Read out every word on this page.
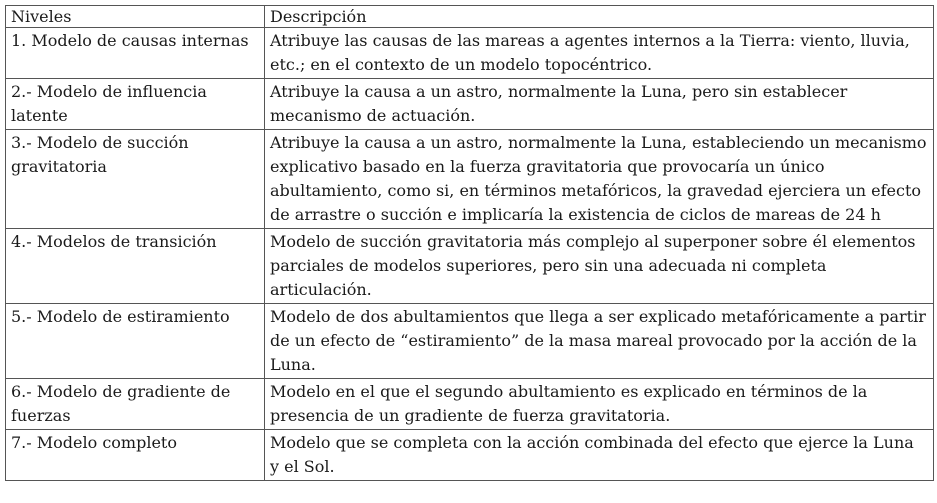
Niveles	Descripción
1. Modelo de causas internas	Atribuye las causas de las mareas a agentes internos a la Tierra: viento, lluvia, etc.; en el contexto de un modelo topocéntrico.
2.- Modelo de influencia latente	Atribuye la causa a un astro, normalmente la Luna, pero sin establecer mecanismo de actuación.
3.- Modelo de succión gravitatoria	Atribuye la causa a un astro, normalmente la Luna, estableciendo un mecanismo explicativo basado en la fuerza gravitatoria que provocaría un único abultamiento, como si, en términos metafóricos, la gravedad ejerciera un efecto de arrastre o succión e implicaría la existencia de ciclos de mareas de 24 h
4.- Modelos de transición	Modelo de succión gravitatoria más complejo al superponer sobre él elementos parciales de modelos superiores, pero sin una adecuada ni completa articulación.
5.- Modelo de estiramiento	Modelo de dos abultamientos que llega a ser explicado metafóricamente a partir de un efecto de “estiramiento” de la masa mareal provocado por la acción de la Luna.
6.- Modelo de gradiente de fuerzas	Modelo en el que el segundo abultamiento es explicado en términos de la presencia de un gradiente de fuerza gravitatoria.
7.- Modelo completo	Modelo que se completa con la acción combinada del efecto que ejerce la Luna y el Sol.
